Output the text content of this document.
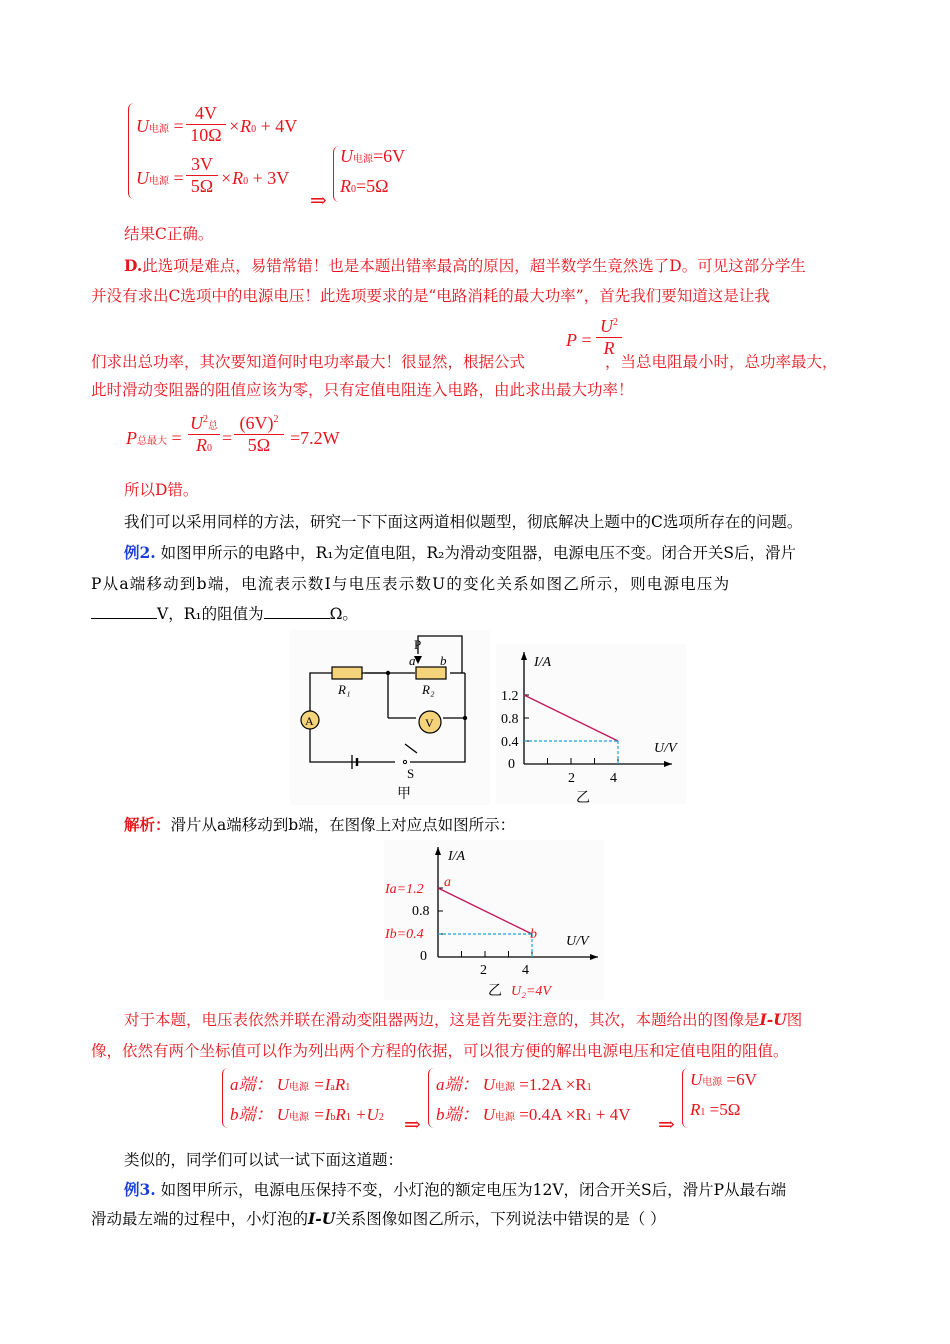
U电源 =
4V
10Ω ×R0 + 4V
U电源 =
3V
5Ω ×R0 + 3V
⇒
U电源=6V
R0=5Ω
结果C正确。
D.此选项是难点，易错常错！也是本题出错率最高的原因，超半数学生竟然选了D。可见这部分学生
并没有求出C选项中的电源电压！此选项要求的是“电路消耗的最大功率”，首先我们要知道这是让我
P =
$U^2$
R
们求出总功率，其次要知道何时电功率最大！很显然，根据公式	，当总电阻最小时，总功率最大，
此时滑动变阻器的阻值应该为零，只有定值电阻连入电路，由此求出最大功率！
P总最大 =
$U^2$总
R0
=
$(6V)^2$
5Ω	=7.2W
所以D错。
我们可以采用同样的方法，研究一下下面这两道相似题型，彻底解决上题中的C选项所存在的问题。
例2. 如图甲所示的电路中，R₁为定值电阻，R₂为滑动变阻器，电源电压不变。闭合开关S后，滑片
P从a端移动到b端，电流表示数I与电压表示数U的变化关系如图乙所示，则电源电压为
V，R₁的阻值为	Ω。
P
a b
R₁	R₂
A	V
S
甲
I/A
U/V
0
1.2
0.8
0.4
2	4
乙
解析：滑片从a端移动到b端，在图像上对应点如图所示：
I/A
U/V
0
Ia=1.2
0.8
Ib=0.4
a
b
2	4
乙 U₂=4V
对于本题，电压表依然并联在滑动变阻器两边，这是首先要注意的，其次，本题给出的图像是I-U图
像，依然有两个坐标值可以作为列出两个方程的依据，可以很方便的解出电源电压和定值电阻的阻值。
a端： U电源 =IaR1
b端： U电源 =IbR1 +U2 ⇒
a端： U电源 =1.2A ×R1
b端： U电源 =0.4A ×R1 + 4V ⇒
U电源 =6V
R1 =5Ω
类似的，同学们可以试一试下面这道题：
例3. 如图甲所示，电源电压保持不变，小灯泡的额定电压为12V，闭合开关S后，滑片P从最右端
滑动最左端的过程中，小灯泡的I-U关系图像如图乙所示，下列说法中错误的是（ ）
